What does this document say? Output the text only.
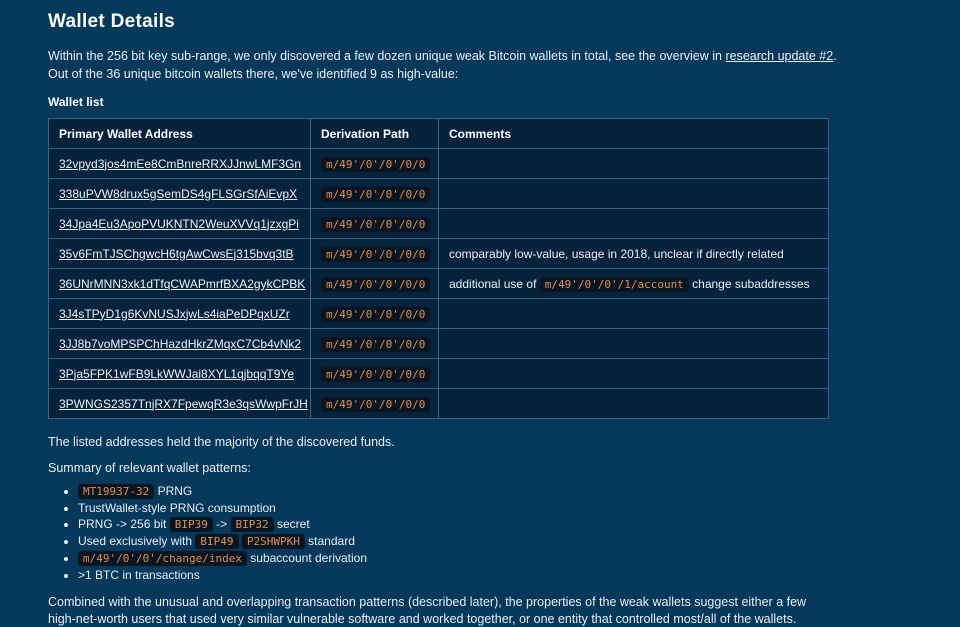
Wallet Details

Within the 256 bit key sub-range, we only discovered a few dozen unique weak Bitcoin wallets in total, see the overview in research update #2.
Out of the 36 unique bitcoin wallets there, we've identified 9 as high-value:

Wallet list
Primary Wallet Address	Derivation Path	Comments
32vpyd3jos4mEe8CmBnreRRXJJnwLMF3Gn	m/49'/0'/0'/0/0	
338uPVW8drux5gSemDS4gFLSGrSfAiEvpX	m/49'/0'/0'/0/0	
34Jpa4Eu3ApoPVUKNTN2WeuXVVq1jzxgPi	m/49'/0'/0'/0/0	
35v6FmTJSChgwcH6tgAwCwsEj315bvq3tB	m/49'/0'/0'/0/0	comparably low-value, usage in 2018, unclear if directly related
36UNrMNN3xk1dTfqCWAPmrfBXA2gykCPBK	m/49'/0'/0'/0/0	additional use of m/49'/0'/0'/1/account change subaddresses
3J4sTPyD1g6KvNUSJxjwLs4iaPeDPqxUZr	m/49'/0'/0'/0/0	
3JJ8b7voMPSPChHazdHkrZMqxC7Cb4vNk2	m/49'/0'/0'/0/0	
3Pja5FPK1wFB9LkWWJai8XYL1qjbqqT9Ye	m/49'/0'/0'/0/0	
3PWNGS2357TnjRX7FpewqR3e3qsWwpFrJH	m/49'/0'/0'/0/0	

The listed addresses held the majority of the discovered funds.

Summary of relevant wallet patterns:

• MT19937-32 PRNG
• TrustWallet-style PRNG consumption
• PRNG -> 256 bit BIP39 -> BIP32 secret
• Used exclusively with BIP49 P2SHWPKH standard
• m/49'/0'/0'/change/index subaccount derivation
• >1 BTC in transactions

Combined with the unusual and overlapping transaction patterns (described later), the properties of the weak wallets suggest either a few high-net-worth users that used very similar vulnerable software and worked together, or one entity that controlled most/all of the wallets.
